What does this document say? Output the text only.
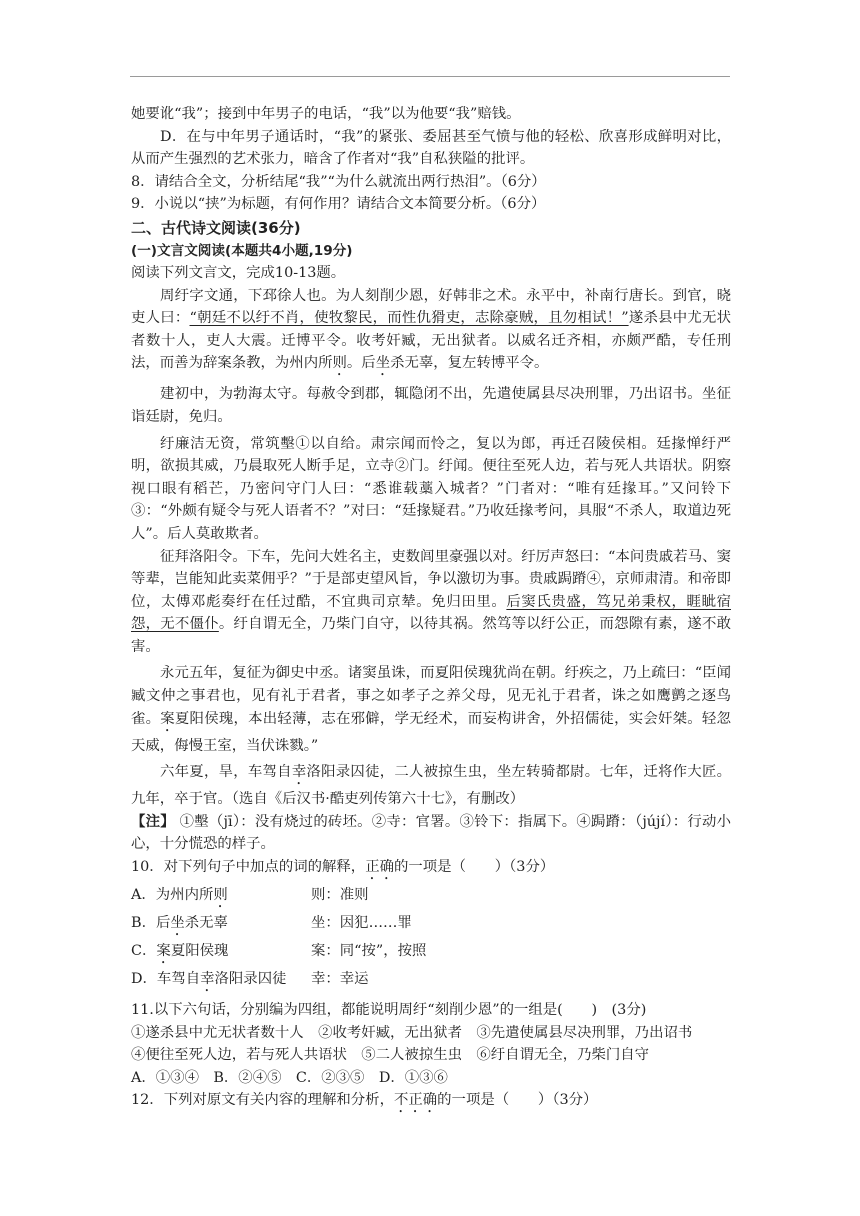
她要讹“我”；接到中年男子的电话，“我”以为他要“我”赔钱。

D．在与中年男子通话时，“我”的紧张、委屈甚至气愤与他的轻松、欣喜形成鲜明对比，从而产生强烈的艺术张力，暗含了作者对“我”自私狭隘的批评。

8．请结合全文，分析结尾“我”“为什么就流出两行热泪”。（6分）

9．小说以“挟”为标题，有何作用？请结合文本简要分析。（6分）

二、古代诗文阅读(36分)

(一)文言文阅读(本题共4小题,19分)

阅读下列文言文，完成10-13题。

周纡字文通，下邳徐人也。为人刻削少恩，好韩非之术。永平中，补南行唐长。到官，晓吏人曰：“朝廷不以纡不肖，使牧黎民，而性仇猾吏，志除豪贼，且勿相试！”遂杀县中尤无状者数十人，吏人大震。迁博平令。收考奸臧，无出狱者。以威名迁齐相，亦颇严酷，专任刑法，而善为辞案条教，为州内所则。后坐杀无辜，复左转博平令。

建初中，为勃海太守。每赦令到郡，辄隐闭不出，先遣使属县尽决刑罪，乃出诏书。坐征诣廷尉，免归。

纡廉洁无资，常筑墼①以自给。肃宗闻而怜之，复以为郎，再迁召陵侯相。廷掾惮纡严明，欲损其威，乃晨取死人断手足，立寺②门。纡闻。便往至死人边，若与死人共语状。阴察视口眼有稻芒，乃密问守门人曰：“悉谁载藁入城者？”门者对：“唯有廷掾耳。”又问铃下③：“外颇有疑令与死人语者不？”对曰：“廷掾疑君。”乃收廷掾考问，具服“不杀人，取道边死人”。后人莫敢欺者。

征拜洛阳令。下车，先问大姓名主，吏数闾里豪强以对。纡厉声怒曰：“本问贵戚若马、窦等辈，岂能知此卖菜佣乎？”于是部吏望风旨，争以激切为事。贵戚跼蹐④，京师肃清。和帝即位，太傅邓彪奏纡在任过酷，不宜典司京辇。免归田里。后窦氏贵盛，笃兄弟秉权，睚眦宿怨，无不僵仆。纡自谓无全，乃柴门自守，以待其祸。然笃等以纡公正，而怨隙有素，遂不敢害。

永元五年，复征为御史中丞。诸窦虽诛，而夏阳侯瑰犹尚在朝。纡疾之，乃上疏曰：“臣闻臧文仲之事君也，见有礼于君者，事之如孝子之养父母，见无礼于君者，诛之如鹰鹯之逐鸟雀。案夏阳侯瑰，本出轻薄，志在邪僻，学无经术，而妄构讲舍，外招儒徒，实会奸桀。轻忽天威，侮慢王室，当伏诛戮。”

六年夏，旱，车驾自幸洛阳录囚徒，二人被掠生虫，坐左转骑都尉。七年，迁将作大匠。九年，卒于官。（选自《后汉书·酷吏列传第六十七》，有删改）

【注】 ①墼（jī）：没有烧过的砖坯。②寺：官署。③铃下：指属下。④跼蹐：（jújí）：行动小心，十分慌恐的样子。

10．对下列句子中加点的词的解释，正确的一项是（　　）（3分）

A．为州内所则	则：准则
B．后坐杀无辜	坐：因犯……罪
C．案夏阳侯瑰	案：同“按”，按照
D．车驾自幸洛阳录囚徒	幸：幸运

11.以下六句话，分别编为四组，都能说明周纡“刻削少恩”的一组是(　　)　(3分)

①遂杀县中尤无状者数十人　②收考奸臧，无出狱者　③先遣使属县尽决刑罪，乃出诏书

④便往至死人边，若与死人共语状　⑤二人被掠生虫　⑥纡自谓无全，乃柴门自守

A．①③④　B．②④⑤　C．②③⑤　D．①③⑥

12．下列对原文有关内容的理解和分析，不正确的一项是（　　）（3分）
